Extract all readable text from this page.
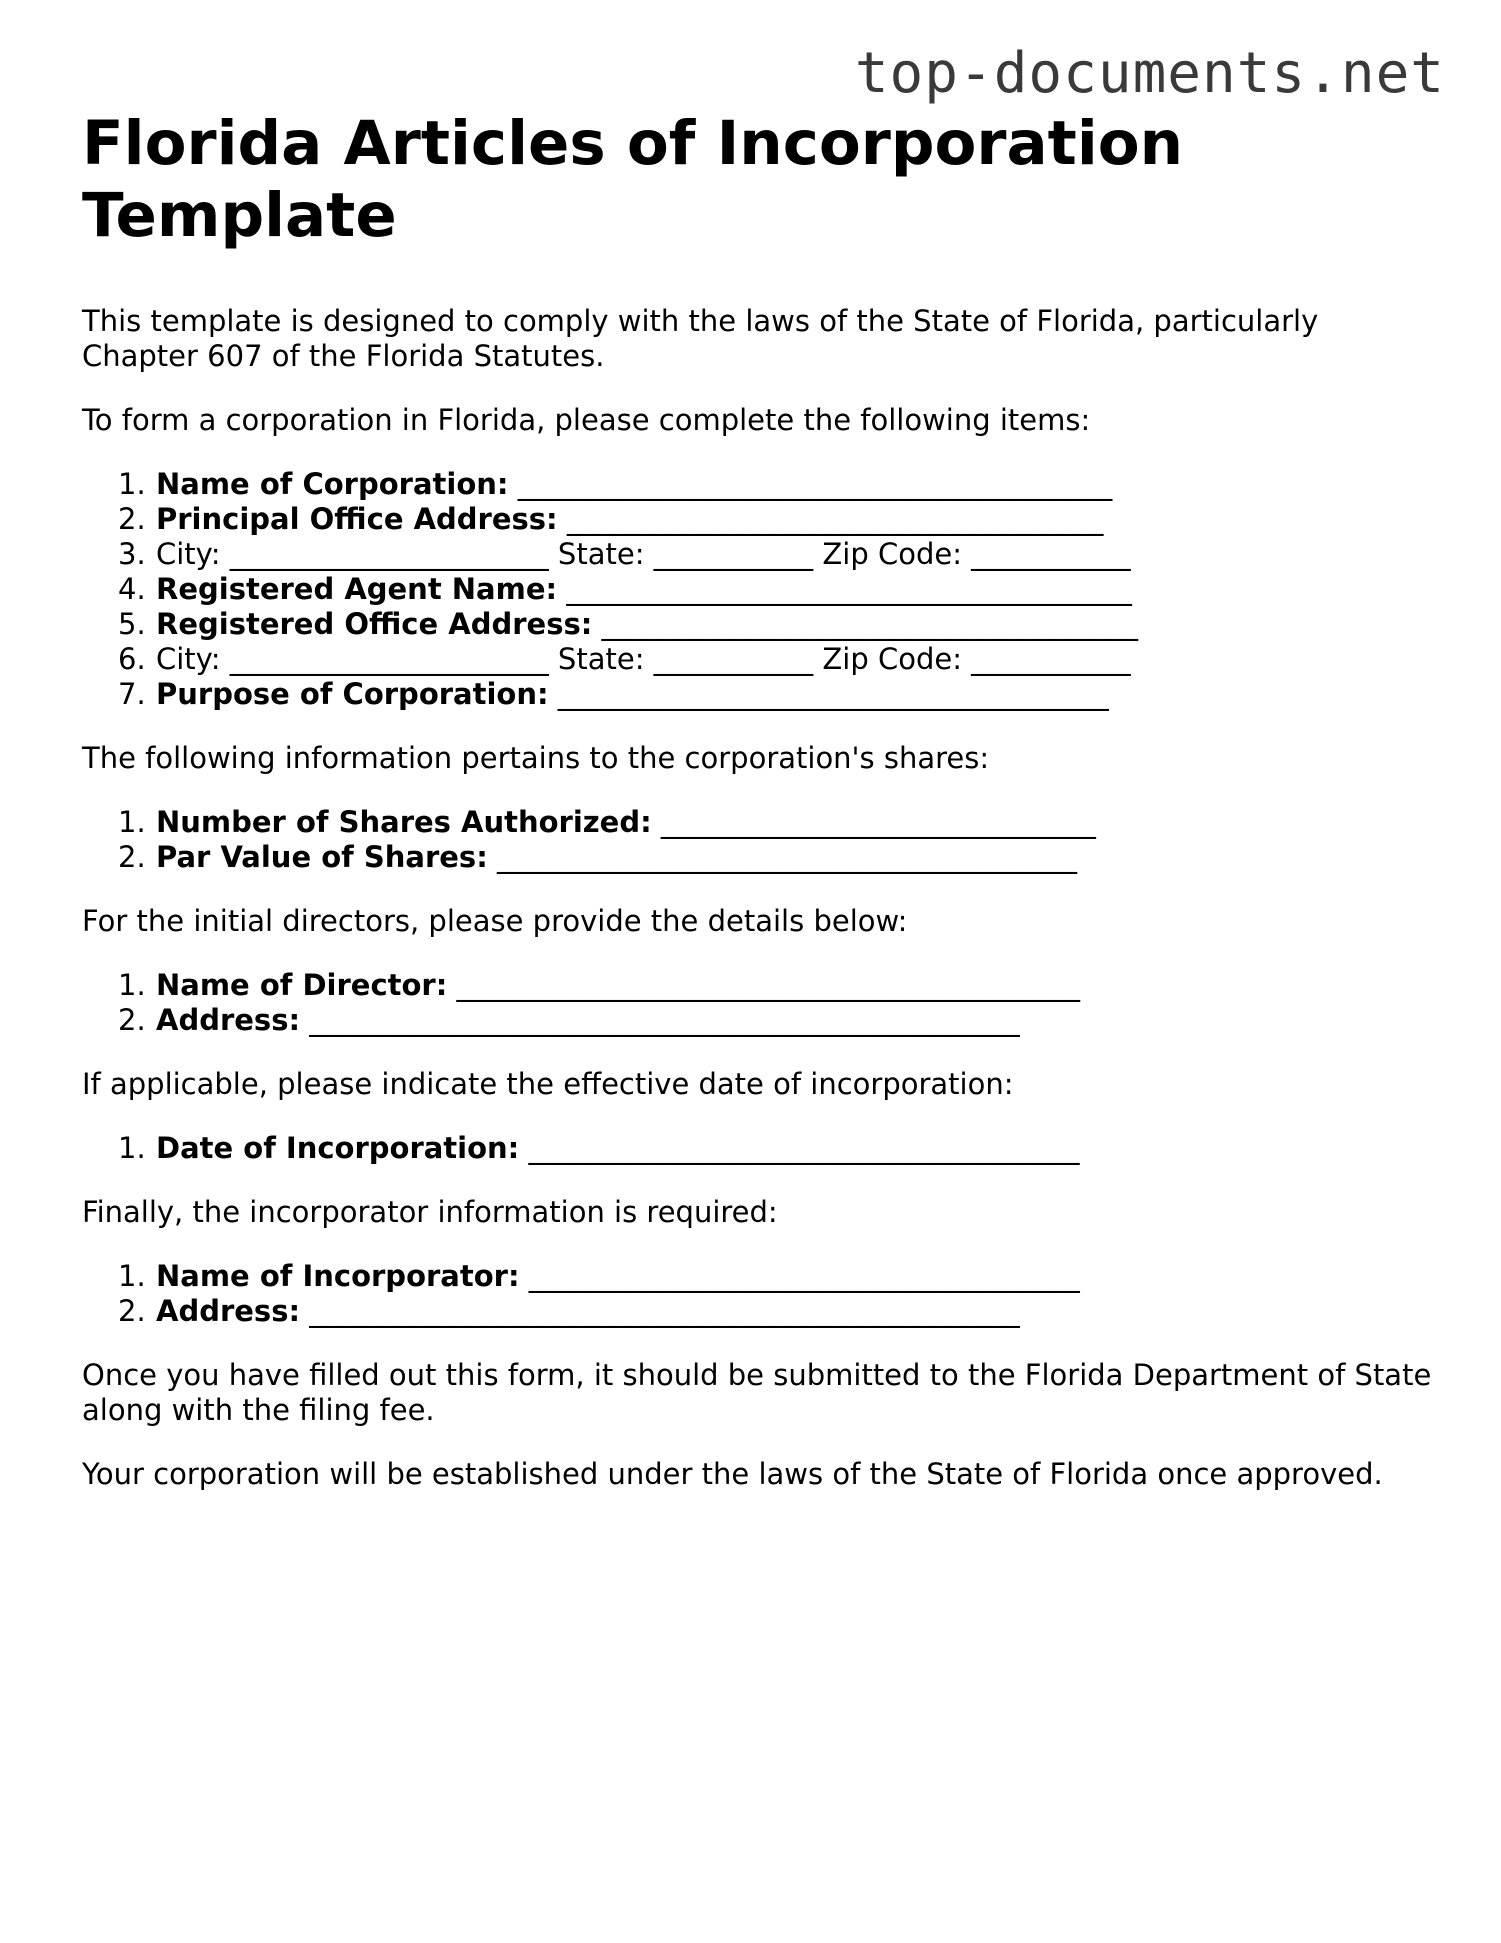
top-documents.net
Florida Articles of Incorporation Template

This template is designed to comply with the laws of the State of Florida, particularly Chapter 607 of the Florida Statutes.

To form a corporation in Florida, please complete the following items:

1. Name of Corporation: _________________________________________
2. Principal Office Address: _____________________________________
3. City: ______________________ State: ___________ Zip Code: ___________
4. Registered Agent Name: _______________________________________
5. Registered Office Address: _____________________________________
6. City: ______________________ State: ___________ Zip Code: ___________
7. Purpose of Corporation: ______________________________________

The following information pertains to the corporation's shares:

1. Number of Shares Authorized: ______________________________
2. Par Value of Shares: ________________________________________

For the initial directors, please provide the details below:

1. Name of Director: ___________________________________________
2. Address: _________________________________________________

If applicable, please indicate the effective date of incorporation:

1. Date of Incorporation: ______________________________________

Finally, the incorporator information is required:

1. Name of Incorporator: ______________________________________
2. Address: _________________________________________________

Once you have filled out this form, it should be submitted to the Florida Department of State along with the filing fee.

Your corporation will be established under the laws of the State of Florida once approved.
